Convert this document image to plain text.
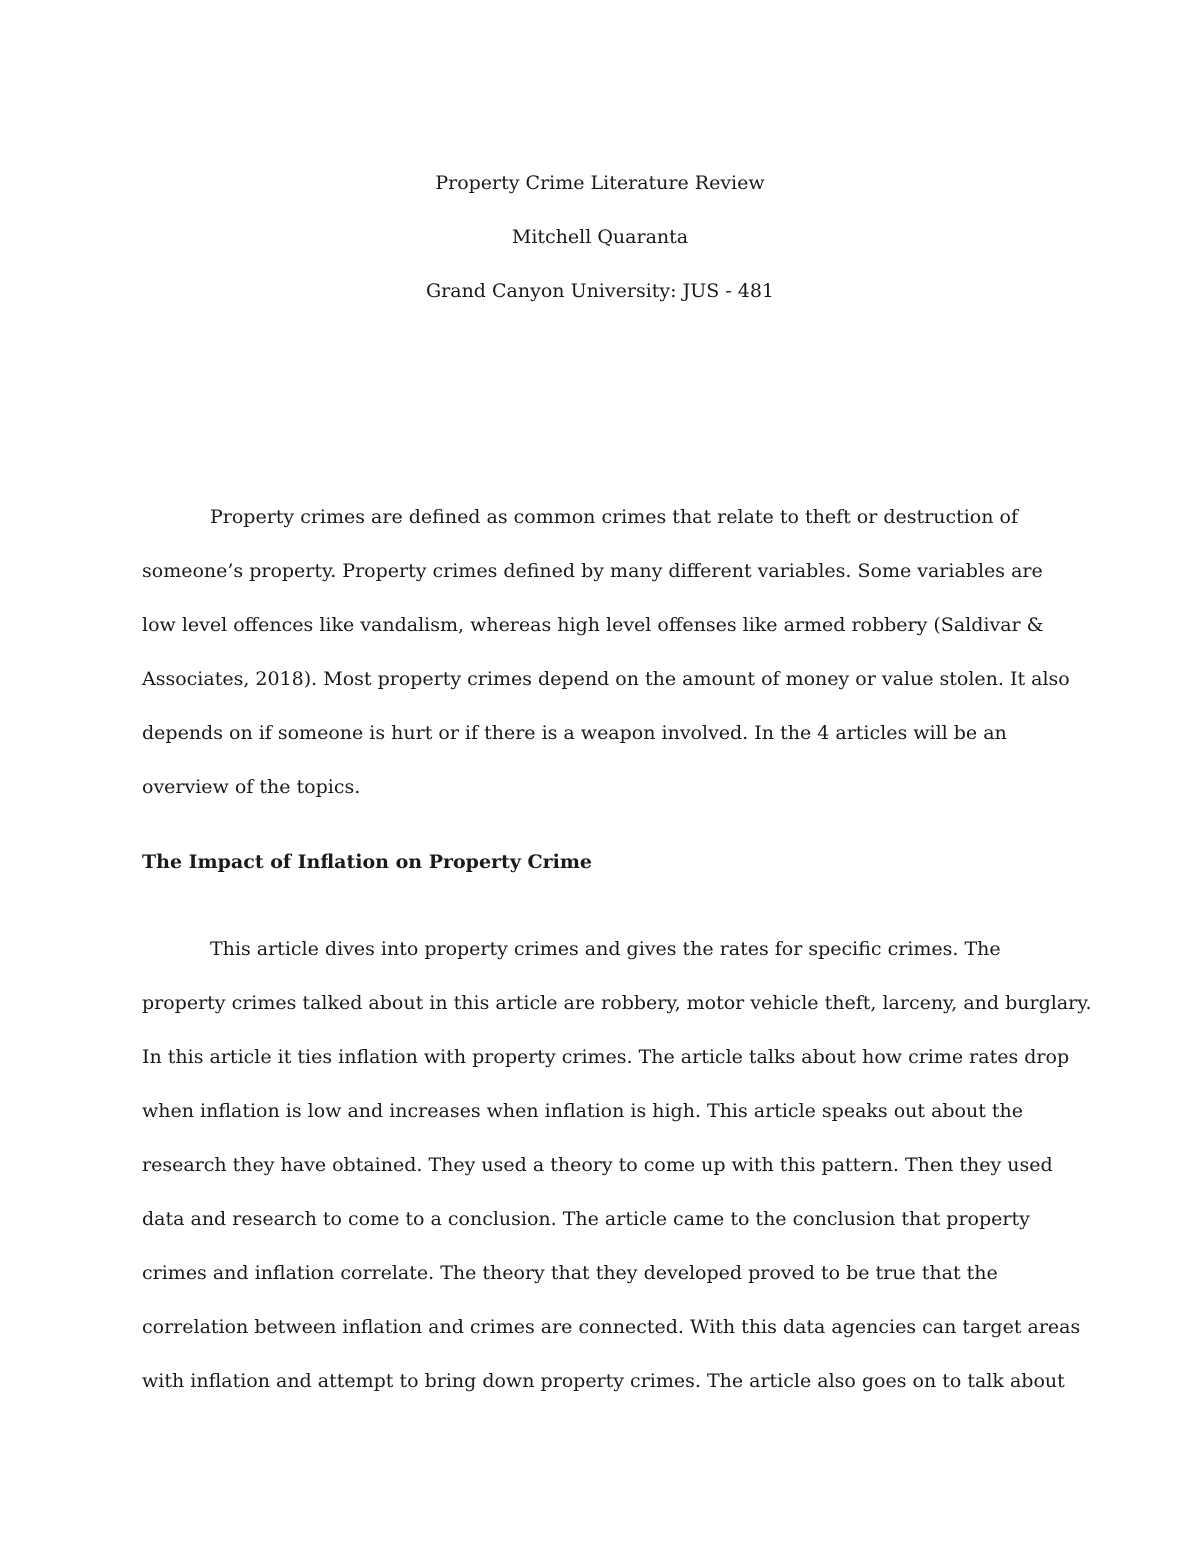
Property Crime Literature Review
Mitchell Quaranta
Grand Canyon University: JUS - 481
Property crimes are defined as common crimes that relate to theft or destruction of
someone’s property. Property crimes defined by many different variables. Some variables are
low level offences like vandalism, whereas high level offenses like armed robbery (Saldivar &
Associates, 2018). Most property crimes depend on the amount of money or value stolen. It also
depends on if someone is hurt or if there is a weapon involved. In the 4 articles will be an
overview of the topics.
The Impact of Inflation on Property Crime
This article dives into property crimes and gives the rates for specific crimes. The
property crimes talked about in this article are robbery, motor vehicle theft, larceny, and burglary.
In this article it ties inflation with property crimes. The article talks about how crime rates drop
when inflation is low and increases when inflation is high. This article speaks out about the
research they have obtained. They used a theory to come up with this pattern. Then they used
data and research to come to a conclusion. The article came to the conclusion that property
crimes and inflation correlate. The theory that they developed proved to be true that the
correlation between inflation and crimes are connected. With this data agencies can target areas
with inflation and attempt to bring down property crimes. The article also goes on to talk about
